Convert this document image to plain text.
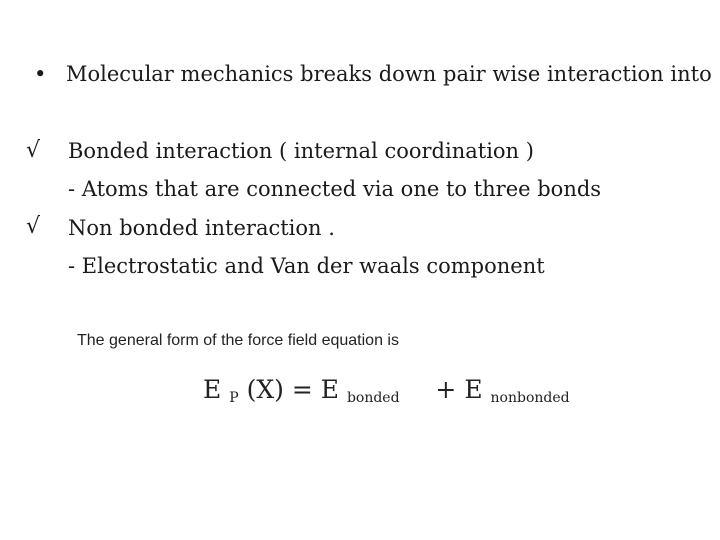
• Molecular mechanics breaks down pair wise interaction into
√ Bonded interaction ( internal coordination )
- Atoms that are connected via one to three bonds
√ Non bonded interaction .
- Electrostatic and Van der waals component
The general form of the force field equation is
E $_P$ (X) = E $_{bonded}$ + E $_{nonbonded}$
